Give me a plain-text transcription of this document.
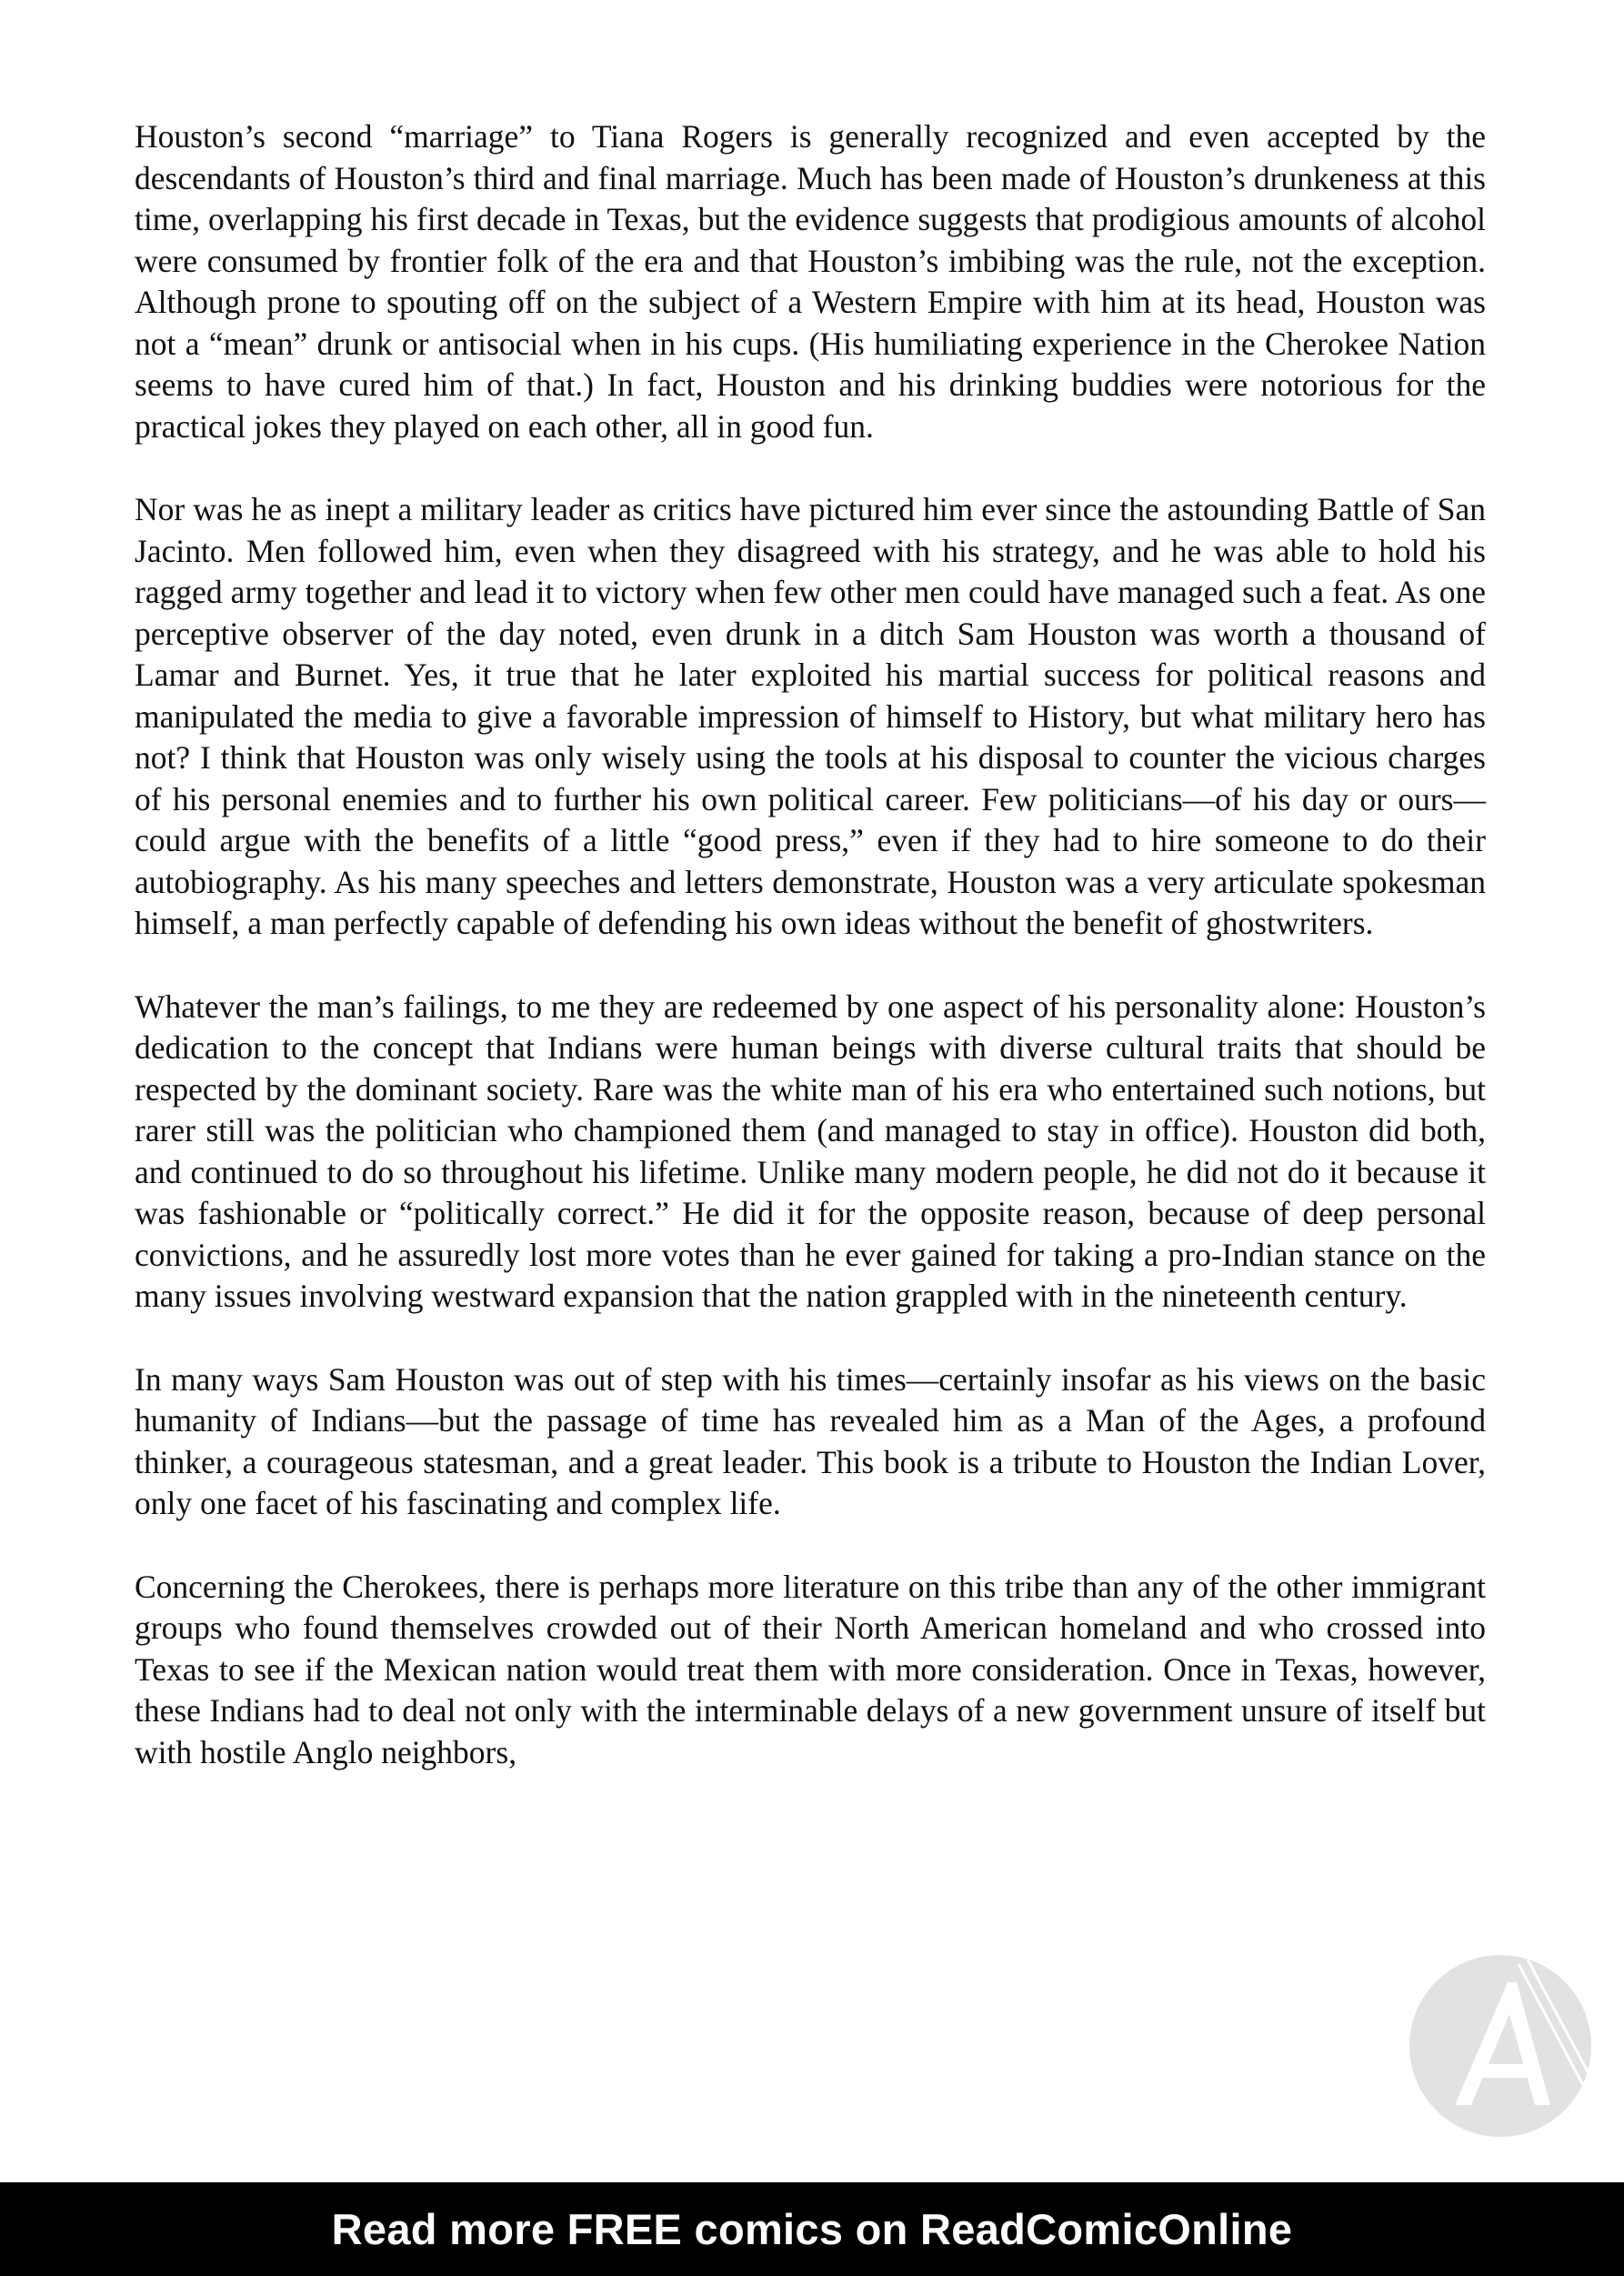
Houston’s second “marriage” to Tiana Rogers is generally recognized and even accepted by the descendants of Houston’s third and final marriage. Much has been made of Houston’s drunkeness at this time, overlapping his first decade in Texas, but the evidence suggests that prodigious amounts of alcohol were consumed by frontier folk of the era and that Houston’s imbibing was the rule, not the exception. Although prone to spouting off on the subject of a Western Empire with him at its head, Houston was not a “mean” drunk or antisocial when in his cups. (His humiliating experience in the Cherokee Nation seems to have cured him of that.) In fact, Houston and his drinking buddies were notorious for the practical jokes they played on each other, all in good fun.

Nor was he as inept a military leader as critics have pictured him ever since the astounding Battle of San Jacinto. Men followed him, even when they disagreed with his strategy, and he was able to hold his ragged army together and lead it to victory when few other men could have managed such a feat. As one perceptive observer of the day noted, even drunk in a ditch Sam Houston was worth a thousand of Lamar and Burnet. Yes, it true that he later exploited his martial success for political reasons and manipulated the media to give a favorable impression of himself to History, but what military hero has not? I think that Houston was only wisely using the tools at his disposal to counter the vicious charges of his personal enemies and to further his own political career. Few politicians—of his day or ours—could argue with the benefits of a little “good press,” even if they had to hire someone to do their autobiography. As his many speeches and letters demonstrate, Houston was a very articulate spokesman himself, a man perfectly capable of defending his own ideas without the benefit of ghostwriters.

Whatever the man’s failings, to me they are redeemed by one aspect of his personality alone: Houston’s dedication to the concept that Indians were human beings with diverse cultural traits that should be respected by the dominant society. Rare was the white man of his era who entertained such notions, but rarer still was the politician who championed them (and managed to stay in office). Houston did both, and continued to do so throughout his lifetime. Unlike many modern people, he did not do it because it was fashionable or “politically correct.” He did it for the opposite reason, because of deep personal convictions, and he assuredly lost more votes than he ever gained for taking a pro-Indian stance on the many issues involving westward expansion that the nation grappled with in the nineteenth century.

In many ways Sam Houston was out of step with his times—certainly insofar as his views on the basic humanity of Indians—but the passage of time has revealed him as a Man of the Ages, a profound thinker, a courageous statesman, and a great leader. This book is a tribute to Houston the Indian Lover, only one facet of his fascinating and complex life.

Concerning the Cherokees, there is perhaps more literature on this tribe than any of the other immigrant groups who found themselves crowded out of their North American homeland and who crossed into Texas to see if the Mexican nation would treat them with more consideration. Once in Texas, however, these Indians had to deal not only with the interminable delays of a new government unsure of itself but with hostile Anglo neighbors,

Read more FREE comics on ReadComicOnline
